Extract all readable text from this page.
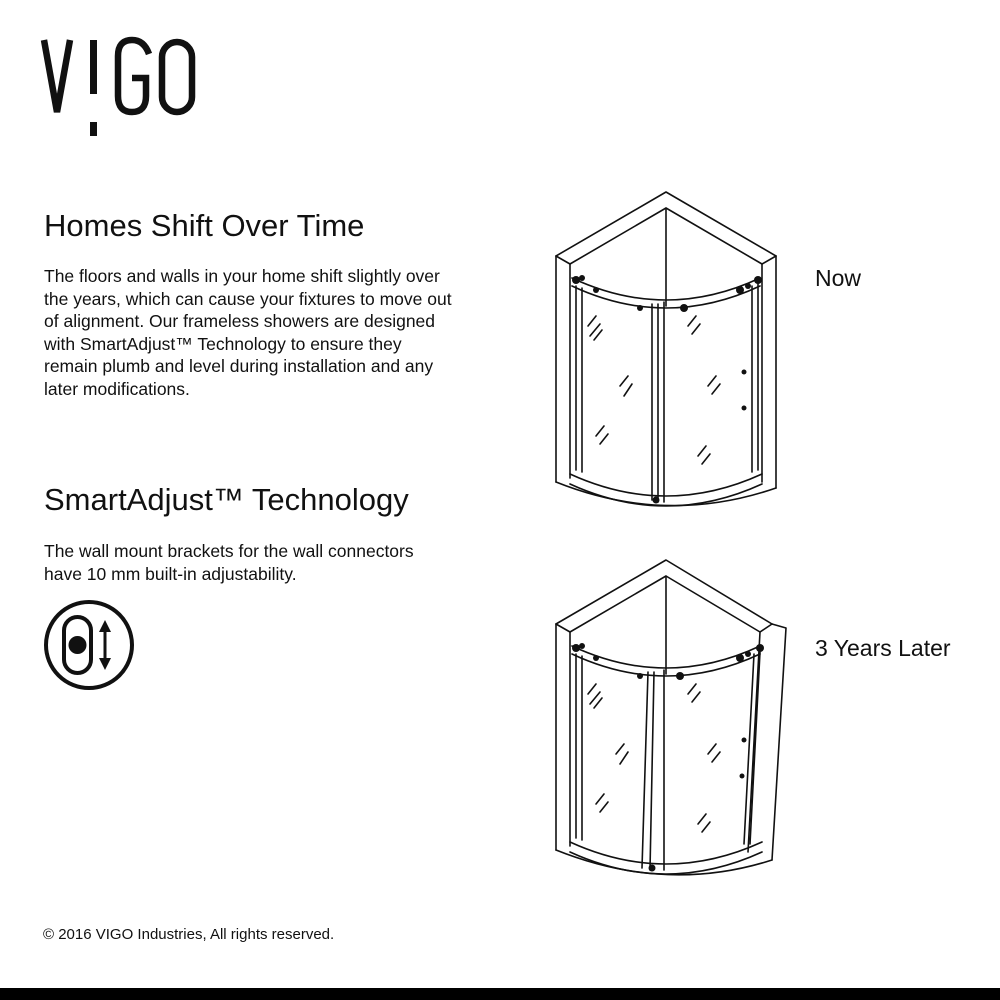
Homes Shift Over Time

The floors and walls in your home shift slightly over
the years, which can cause your fixtures to move out
of alignment. Our frameless showers are designed
with SmartAdjust™ Technology to ensure they
remain plumb and level during installation and any
later modifications.

SmartAdjust™ Technology

The wall mount brackets for the wall connectors
have 10 mm built-in adjustability.

Now
3 Years Later
© 2016 VIGO Industries, All rights reserved.
